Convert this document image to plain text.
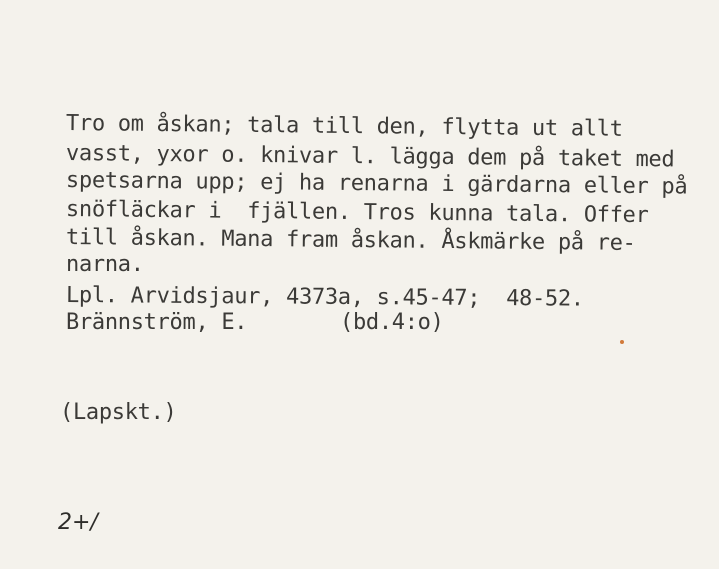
Tro om åskan; tala till den, flytta ut allt
vasst, yxor o. knivar l. lägga dem på taket med
spetsarna upp; ej ha renarna i gärdarna eller på
snöfläckar i  fjällen. Tros kunna tala. Offer
till åskan. Mana fram åskan. Åskmärke på re-
narna.
Lpl. Arvidsjaur, 4373a, s.45-47;  48-52.
Brännström, E.	(bd.4:o)
(Lapskt.)
2+/
